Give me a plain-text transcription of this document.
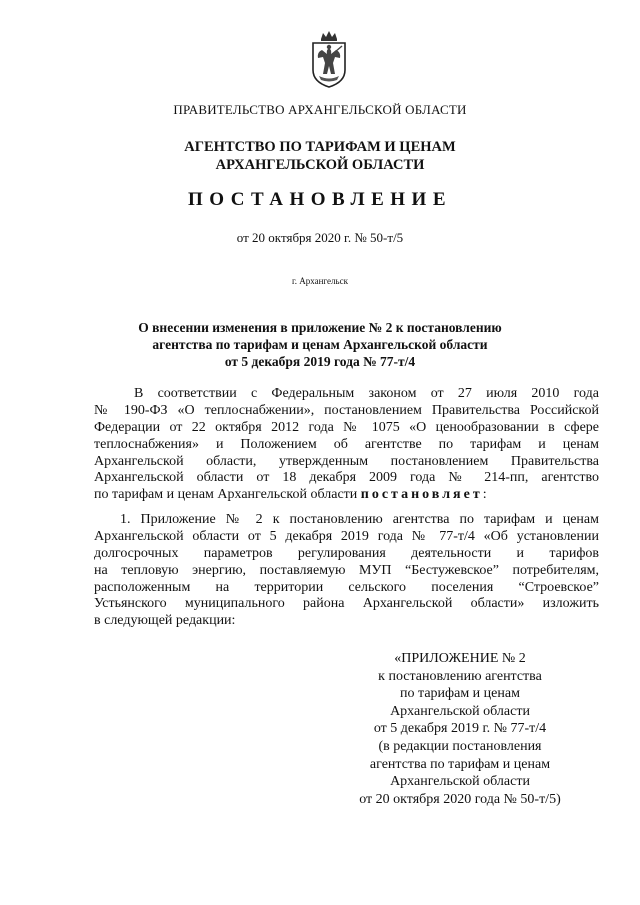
ПРАВИТЕЛЬСТВО АРХАНГЕЛЬСКОЙ ОБЛАСТИ
АГЕНТСТВО ПО ТАРИФАМ И ЦЕНАМ
АРХАНГЕЛЬСКОЙ ОБЛАСТИ
ПОСТАНОВЛЕНИЕ
от 20 октября 2020 г. № 50-т/5
г. Архангельск
О внесении изменения в приложение № 2 к постановлению
агентства по тарифам и ценам Архангельской области
от 5 декабря 2019 года № 77-т/4
В соответствии с Федеральным законом от 27 июля 2010 года
№ 190-ФЗ «О теплоснабжении», постановлением Правительства Российской
Федерации от 22 октября 2012 года № 1075 «О ценообразовании в сфере
теплоснабжения» и Положением об агентстве по тарифам и ценам
Архангельской области, утвержденным постановлением Правительства
Архангельской области от 18 декабря 2009 года № 214-пп, агентство
по тарифам и ценам Архангельской области постановляет:
1. Приложение № 2 к постановлению агентства по тарифам и ценам
Архангельской области от 5 декабря 2019 года № 77-т/4 «Об установлении
долгосрочных параметров регулирования деятельности и тарифов
на тепловую энергию, поставляемую МУП “Бестужевское” потребителям,
расположенным на территории сельского поселения “Строевское”
Устьянского муниципального района Архангельской области» изложить
в следующей редакции:
«ПРИЛОЖЕНИЕ № 2
к постановлению агентства
по тарифам и ценам
Архангельской области
от 5 декабря 2019 г. № 77-т/4
(в редакции постановления
агентства по тарифам и ценам
Архангельской области
от 20 октября 2020 года № 50-т/5)
